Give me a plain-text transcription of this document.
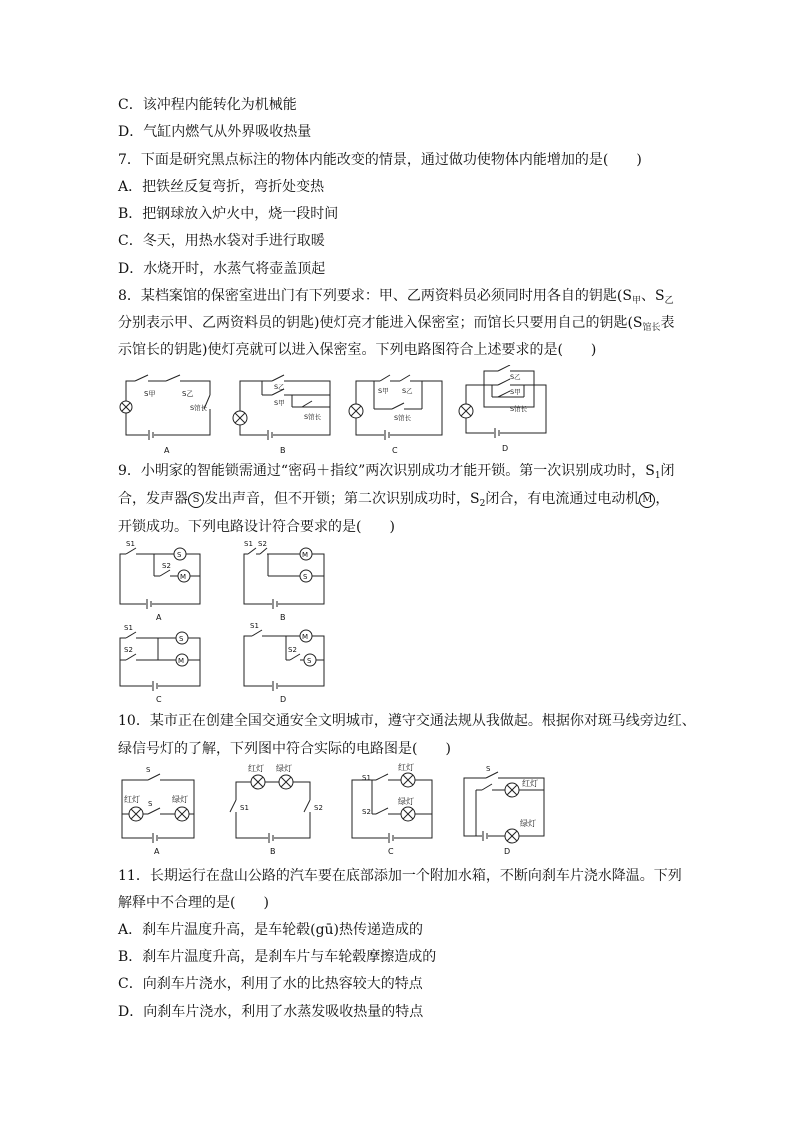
C．该冲程内能转化为机械能
D．气缸内燃气从外界吸收热量
7．下面是研究黑点标注的物体内能改变的情景，通过做功使物体内能增加的是(　　)
A．把铁丝反复弯折，弯折处变热
B．把钢球放入炉火中，烧一段时间
C．冬天，用热水袋对手进行取暖
D．水烧开时，水蒸气将壶盖顶起
8．某档案馆的保密室进出门有下列要求：甲、乙两资料员必须同时用各自的钥匙($S_甲$、$S_乙$
分别表示甲、乙两资料员的钥匙)使灯亮才能进入保密室；而馆长只要用自己的钥匙($S_{馆长}$表
示馆长的钥匙)使灯亮就可以进入保密室。下列电路图符合上述要求的是(　　)
S甲	S乙
S馆长
A
S乙
S甲
S馆长
B
S甲 S乙
S馆长
C
S乙
S甲
S馆长
D
9．小明家的智能锁需通过“密码＋指纹”两次识别成功才能开锁。第一次识别成功时，$S_1$闭
合，发声器 S 发出声音，但不开锁；第二次识别成功时，$S_2$闭合，有电流通过电动机 M ，
开锁成功。下列电路设计符合要求的是(　　)
S1
S2
S
M
A
S1 S2
M
S
B
S1
S2
S
M
C
S1
S2
M
S
D
10．某市正在创建全国交通安全文明城市，遵守交通法规从我做起。根据你对斑马线旁边红、
绿信号灯的了解，下列图中符合实际的电路图是(　　)
S
红灯 S 绿灯
A
红灯 绿灯
S1	S2
B
S1
红灯
S2
绿灯
C
S
红灯
绿灯
D
11．长期运行在盘山公路的汽车要在底部添加一个附加水箱，不断向刹车片浇水降温。下列
解释中不合理的是(　　)
A．刹车片温度升高，是车轮毂(gū)热传递造成的
B．刹车片温度升高，是刹车片与车轮毂摩擦造成的
C．向刹车片浇水，利用了水的比热容较大的特点
D．向刹车片浇水，利用了水蒸发吸收热量的特点
